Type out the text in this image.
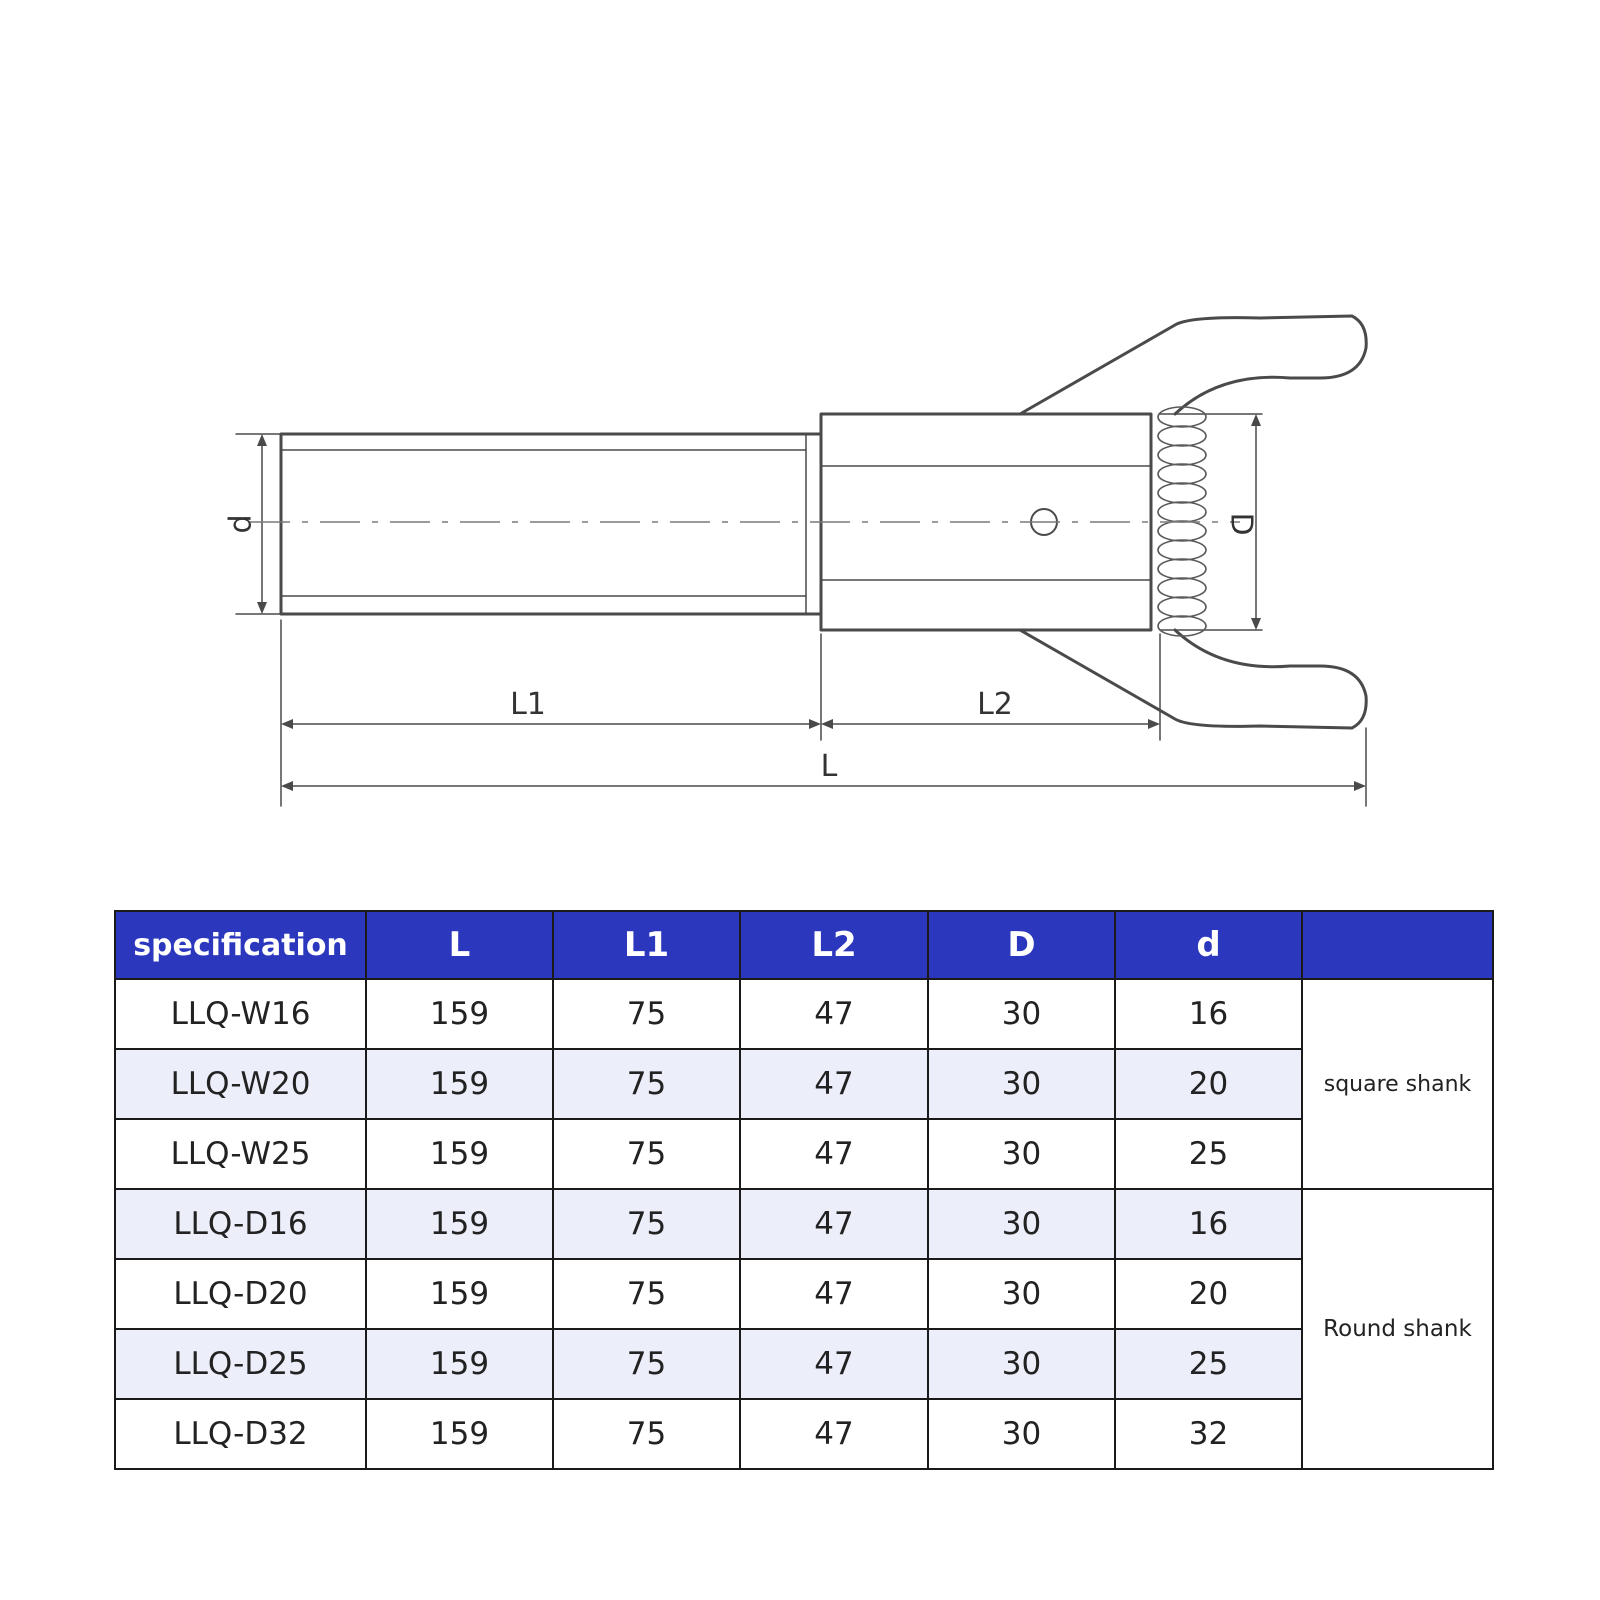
d	D
L1	L2
L
specification	L	L1	L2	D	d	
LLQ-W16	159	75	47	30	16	square shank
LLQ-W20	159	75	47	30	20	
LLQ-W25	159	75	47	30	25	
LLQ-D16	159	75	47	30	16	Round shank
LLQ-D20	159	75	47	30	20	
LLQ-D25	159	75	47	30	25	
LLQ-D32	159	75	47	30	32	
